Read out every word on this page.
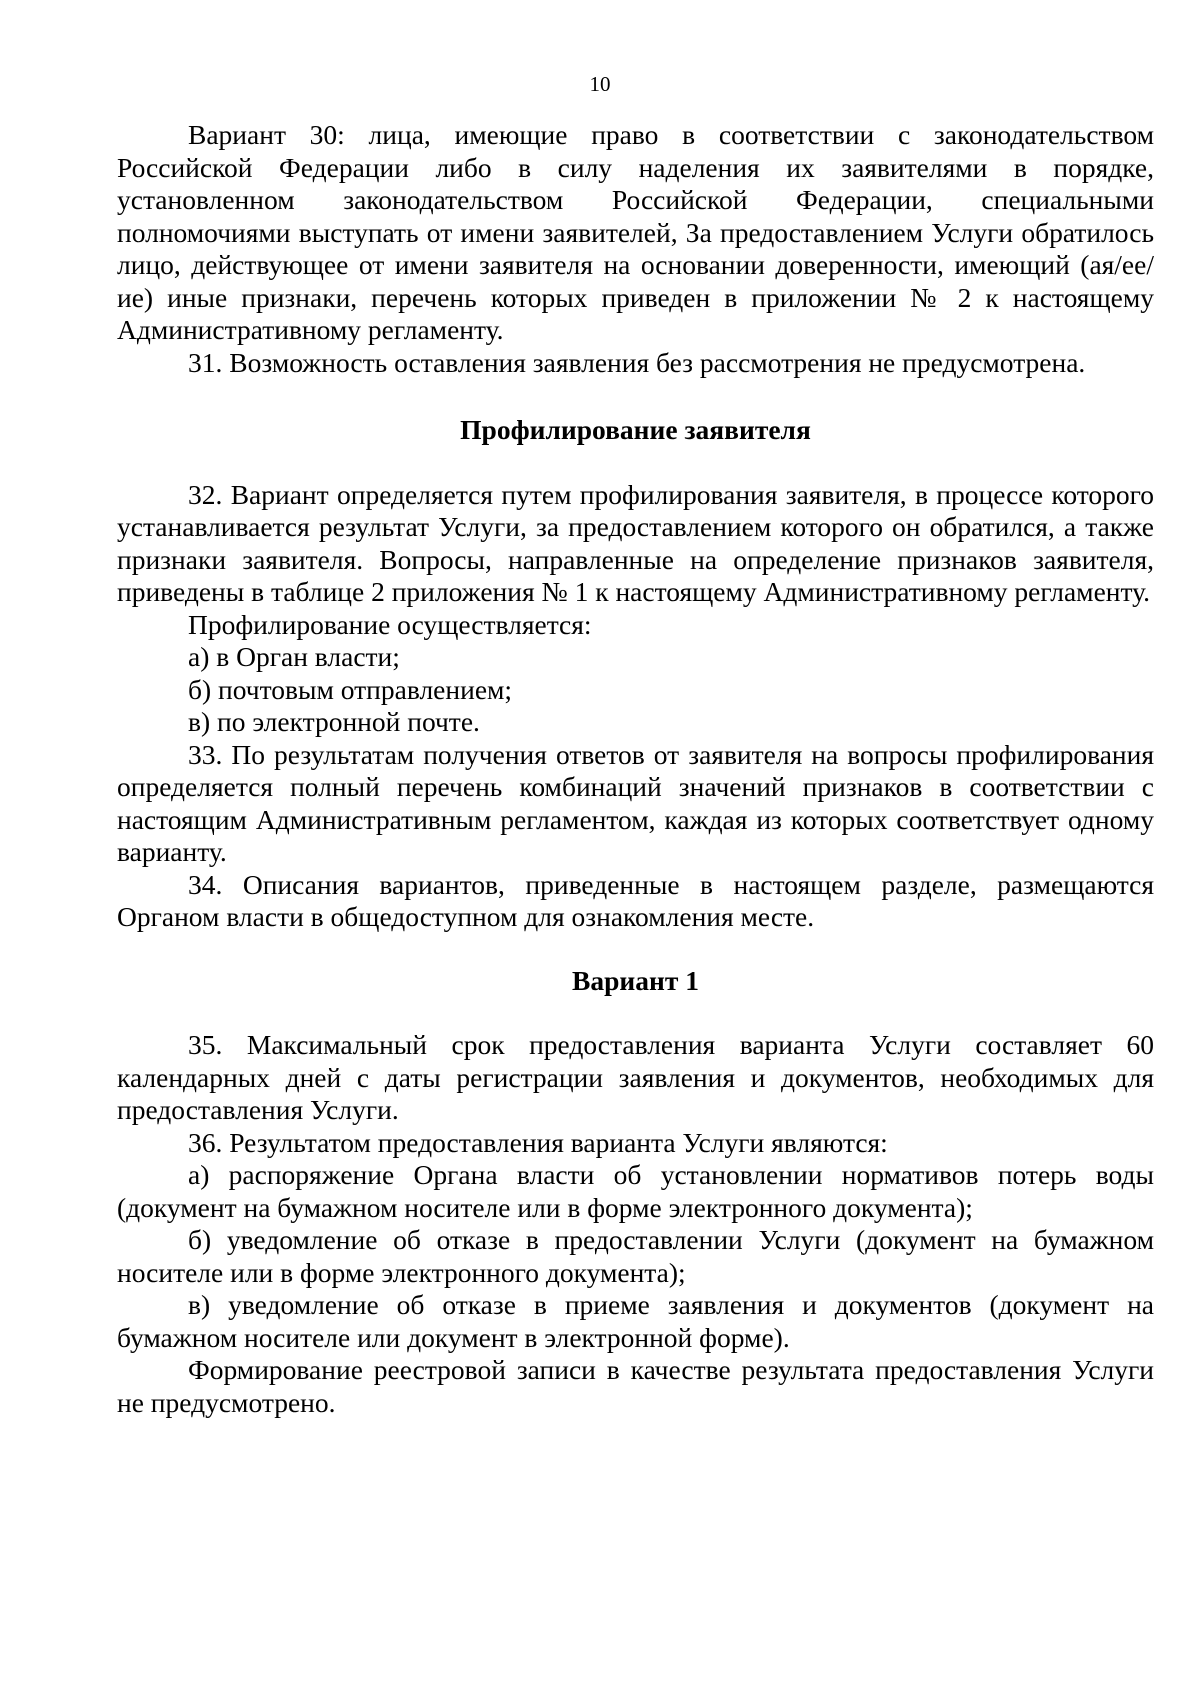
10

Вариант 30: лица, имеющие право в соответствии с законодательством Российской Федерации либо в силу наделения их заявителями в порядке, установленном законодательством Российской Федерации, специальными полномочиями выступать от имени заявителей, За предоставлением Услуги обратилось лицо, действующее от имени заявителя на основании доверенности, имеющий (ая/ее/ие) иные признаки, перечень которых приведен в приложении № 2 к настоящему Административному регламенту.

31. Возможность оставления заявления без рассмотрения не предусмотрена.

Профилирование заявителя

32. Вариант определяется путем профилирования заявителя, в процессе которого устанавливается результат Услуги, за предоставлением которого он обратился, а также признаки заявителя. Вопросы, направленные на определение признаков заявителя, приведены в таблице 2 приложения № 1 к настоящему Административному регламенту.

Профилирование осуществляется:

а) в Орган власти;

б) почтовым отправлением;

в) по электронной почте.

33. По результатам получения ответов от заявителя на вопросы профилирования определяется полный перечень комбинаций значений признаков в соответствии с настоящим Административным регламентом, каждая из которых соответствует одному варианту.

34. Описания вариантов, приведенные в настоящем разделе, размещаются Органом власти в общедоступном для ознакомления месте.

Вариант 1

35. Максимальный срок предоставления варианта Услуги составляет 60 календарных дней с даты регистрации заявления и документов, необходимых для предоставления Услуги.

36. Результатом предоставления варианта Услуги являются:

а) распоряжение Органа власти об установлении нормативов потерь воды (документ на бумажном носителе или в форме электронного документа);

б) уведомление об отказе в предоставлении Услуги (документ на бумажном носителе или в форме электронного документа);

в) уведомление об отказе в приеме заявления и документов (документ на бумажном носителе или документ в электронной форме).

Формирование реестровой записи в качестве результата предоставления Услуги не предусмотрено.
